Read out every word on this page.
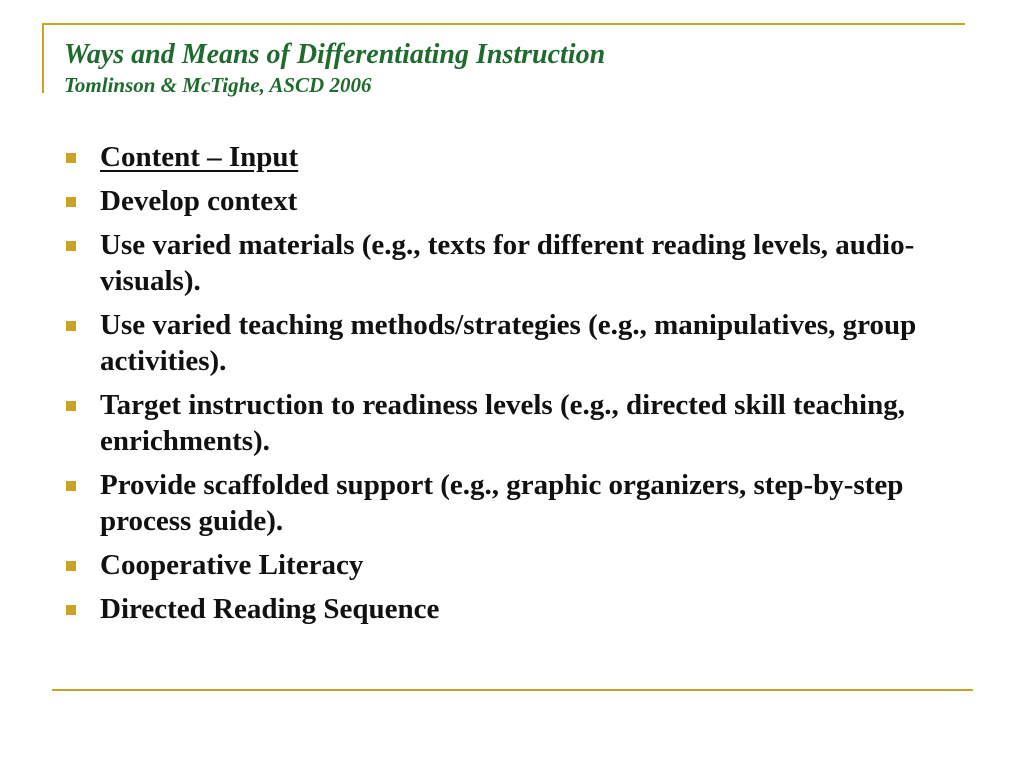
Ways and Means of Differentiating Instruction
Tomlinson & McTighe, ASCD 2006
Content – Input
Develop context
Use varied materials (e.g., texts for different reading levels, audio-visuals).
Use varied teaching methods/strategies (e.g., manipulatives, group activities).
Target instruction to readiness levels (e.g., directed skill teaching, enrichments).
Provide scaffolded support (e.g., graphic organizers, step-by-step process guide).
Cooperative Literacy
Directed Reading Sequence
